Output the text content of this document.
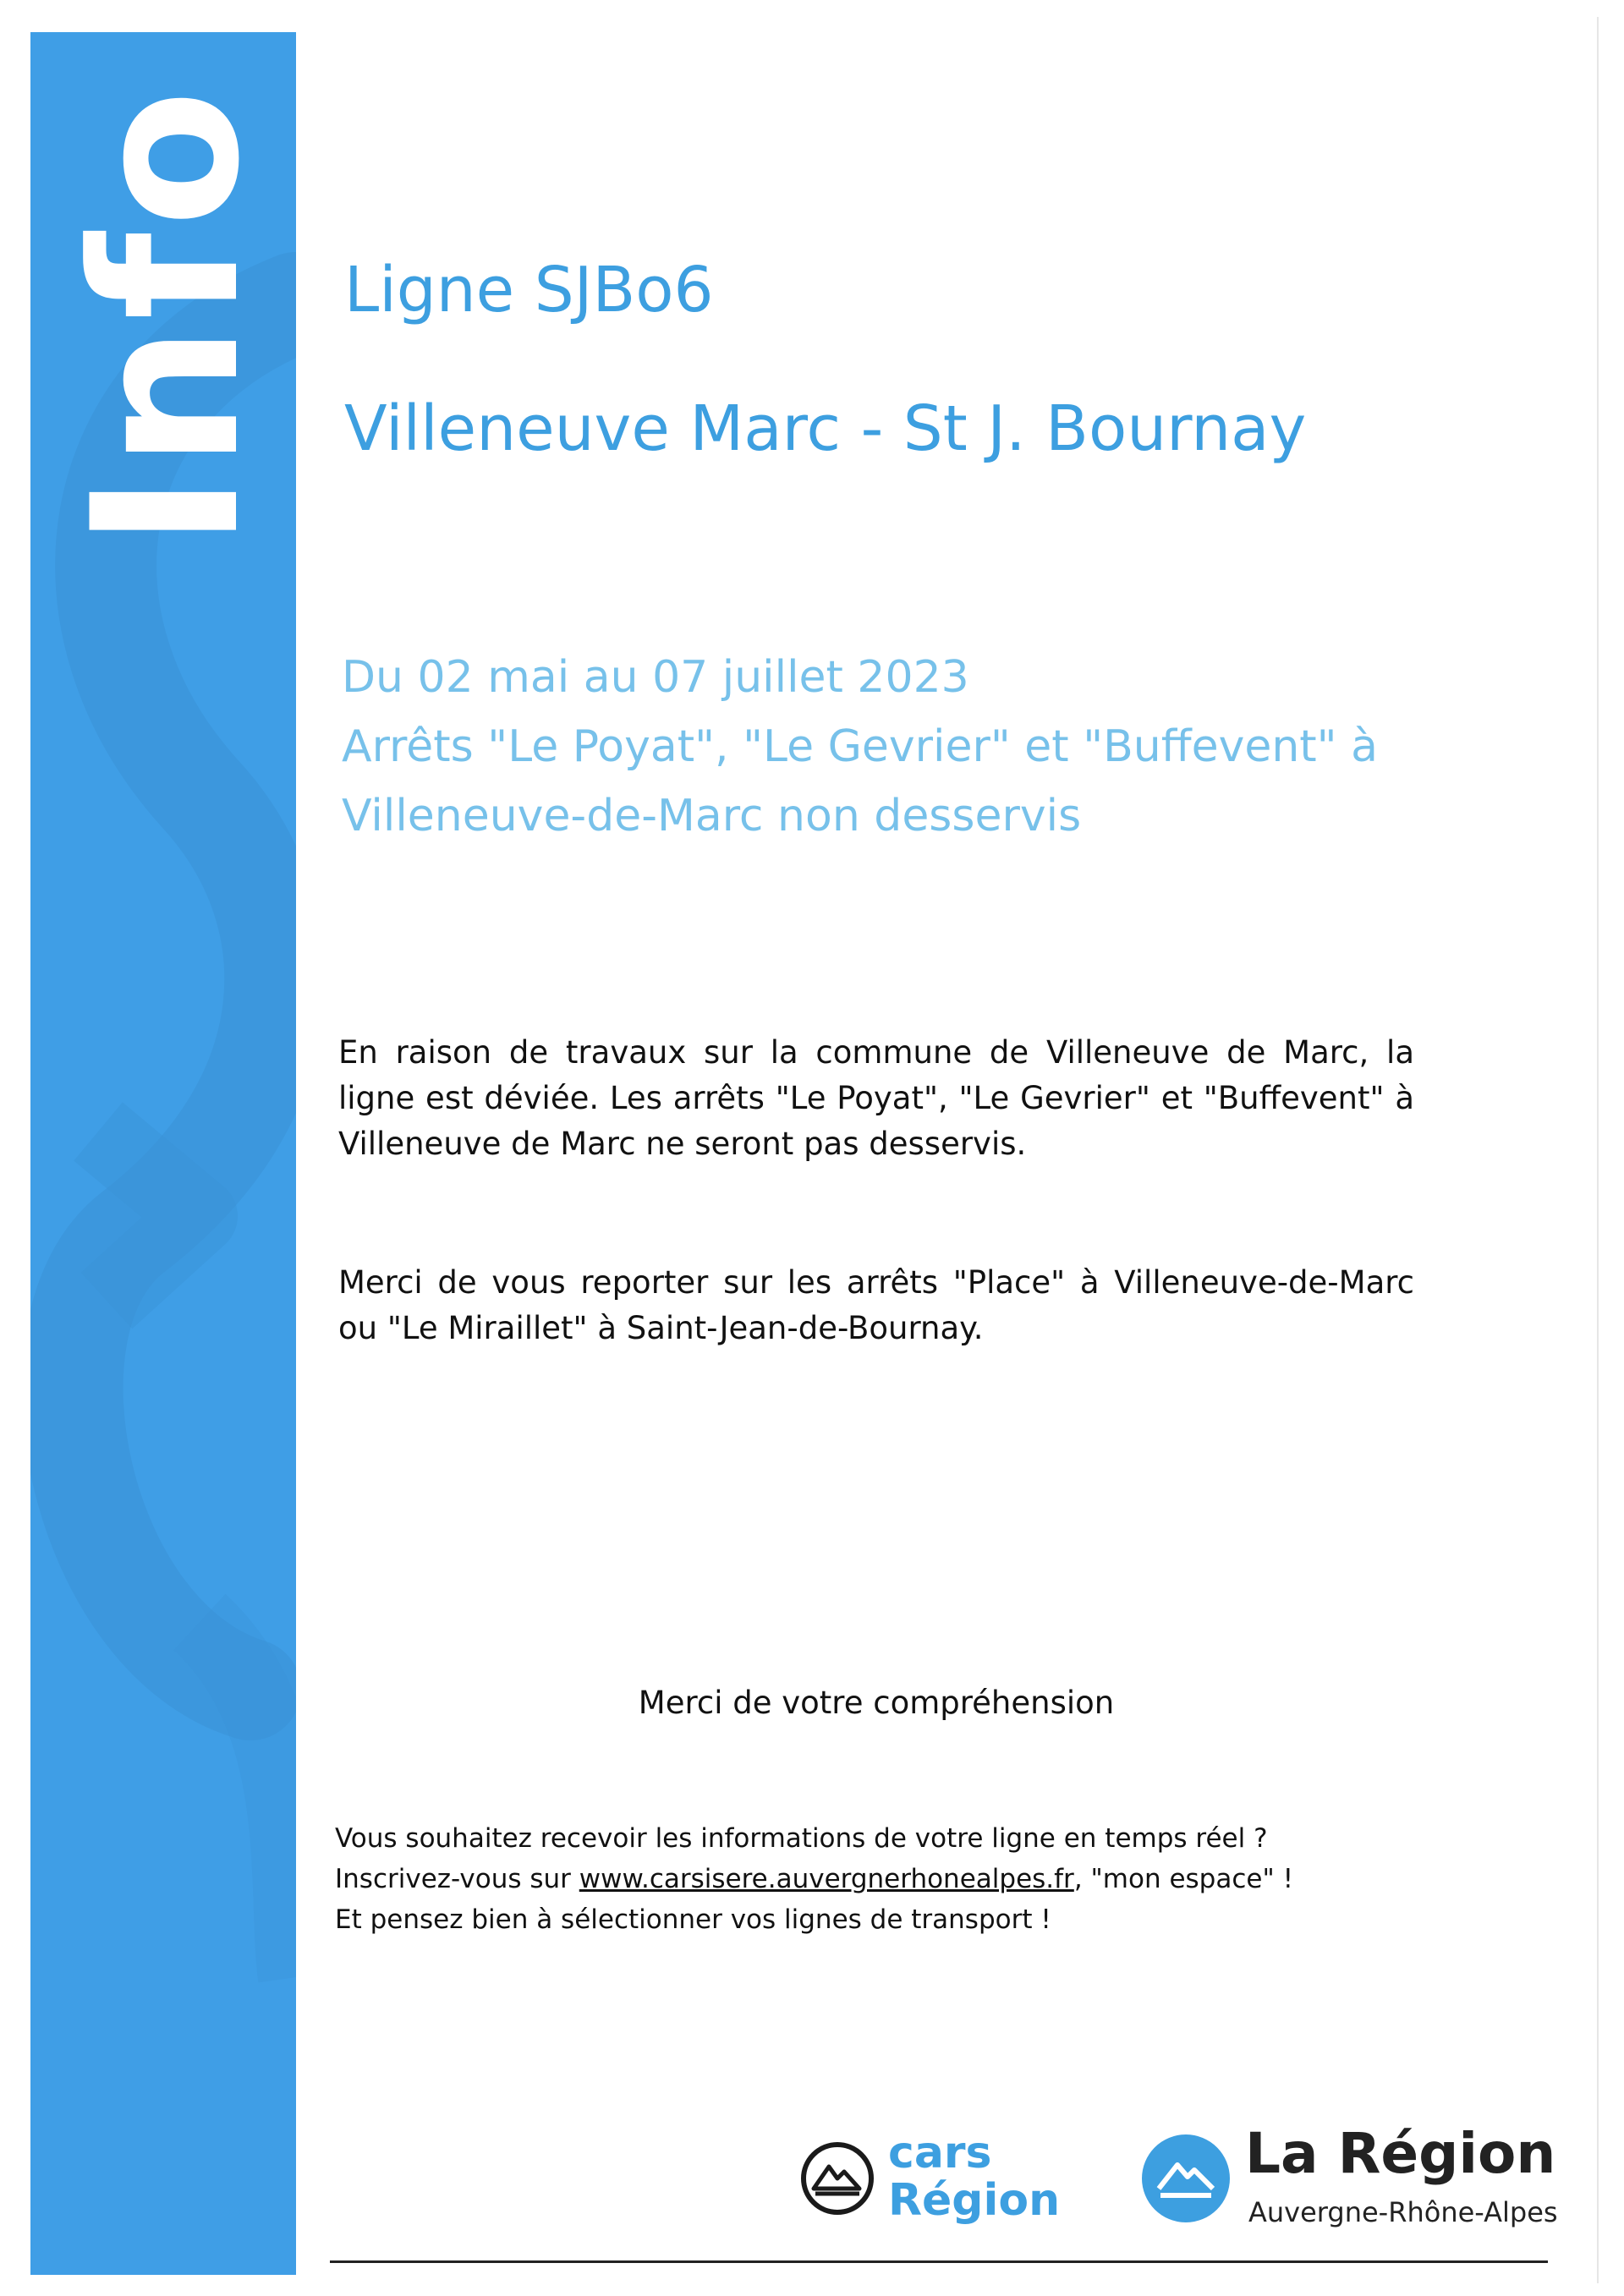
Info Ligne SJBo6
Villeneuve Marc - St J. Bournay
Du 02 mai au 07 juillet 2023
Arrêts "Le Poyat", "Le Gevrier" et "Buffevent" à
Villeneuve-de-Marc non desservis
En raison de travaux sur la commune de Villeneuve de Marc, la ligne est déviée. Les arrêts "Le Poyat", "Le Gevrier" et "Buffevent" à Villeneuve de Marc ne seront pas desservis.
Merci de vous reporter sur les arrêts "Place" à Villeneuve-de-Marc ou "Le Miraillet" à Saint-Jean-de-Bournay.
Merci de votre compréhension
Vous souhaitez recevoir les informations de votre ligne en temps réel ?
Inscrivez-vous sur www.carsisere.auvergnerhonealpes.fr, "mon espace" !
Et pensez bien à sélectionner vos lignes de transport !
cars
Région
La Région
Auvergne-Rhône-Alpes
